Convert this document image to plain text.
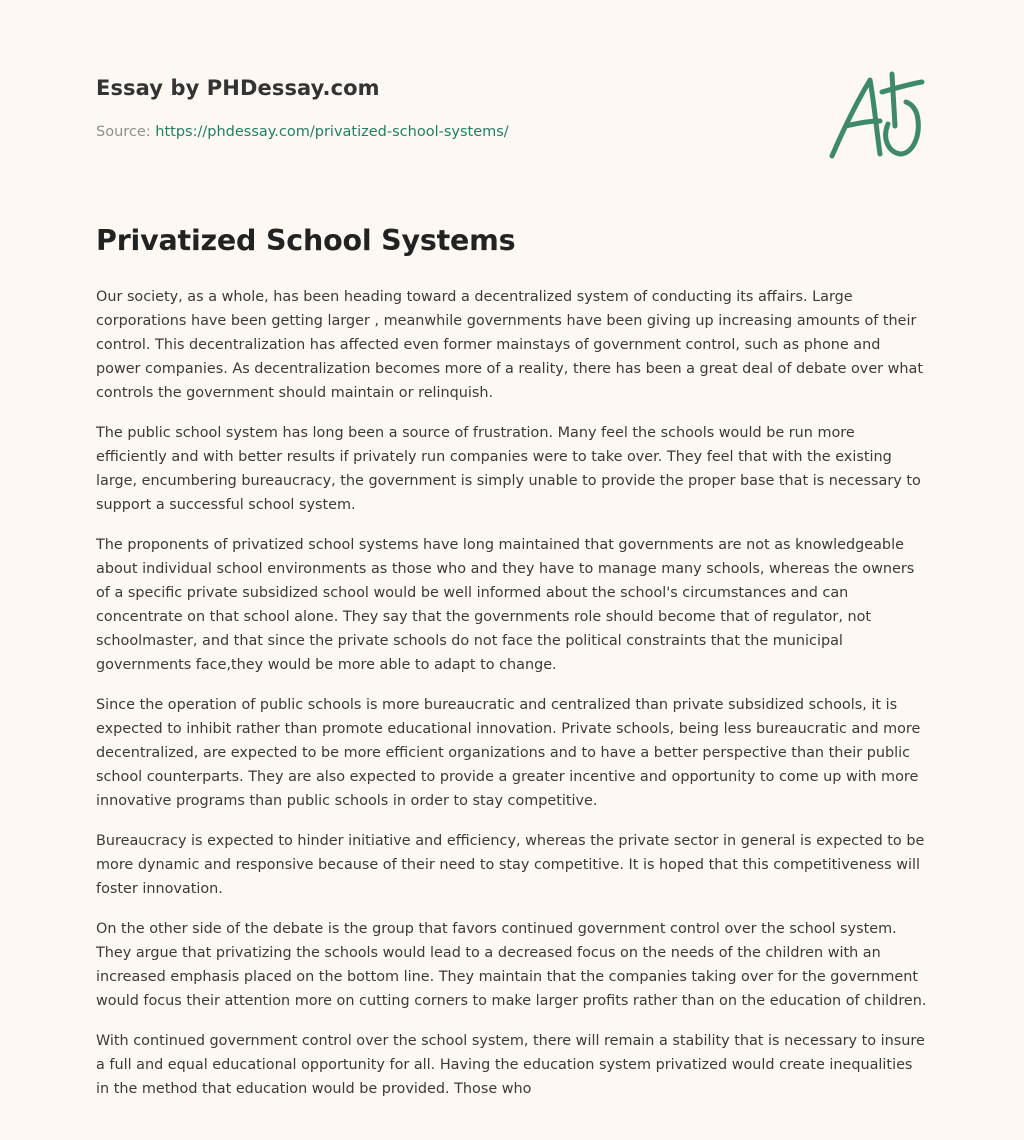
Essay by PHDessay.com
Source: https://phdessay.com/privatized-school-systems/
Privatized School Systems

Our society, as a whole, has been heading toward a decentralized system of conducting its affairs. Large corporations have been getting larger , meanwhile governments have been giving up increasing amounts of their control. This decentralization has affected even former mainstays of government control, such as phone and power companies. As decentralization becomes more of a reality, there has been a great deal of debate over what controls the government should maintain or relinquish.

The public school system has long been a source of frustration. Many feel the schools would be run more efficiently and with better results if privately run companies were to take over. They feel that with the existing large, encumbering bureaucracy, the government is simply unable to provide the proper base that is necessary to support a successful school system.

The proponents of privatized school systems have long maintained that governments are not as knowledgeable about individual school environments as those who and they have to manage many schools, whereas the owners of a specific private subsidized school would be well informed about the school's circumstances and can concentrate on that school alone. They say that the governments role should become that of regulator, not schoolmaster, and that since the private schools do not face the political constraints that the municipal governments face,they would be more able to adapt to change.

Since the operation of public schools is more bureaucratic and centralized than private subsidized schools, it is expected to inhibit rather than promote educational innovation. Private schools, being less bureaucratic and more decentralized, are expected to be more efficient organizations and to have a better perspective than their public school counterparts. They are also expected to provide a greater incentive and opportunity to come up with more innovative programs than public schools in order to stay competitive.

Bureaucracy is expected to hinder initiative and efficiency, whereas the private sector in general is expected to be more dynamic and responsive because of their need to stay competitive. It is hoped that this competitiveness will foster innovation.

On the other side of the debate is the group that favors continued government control over the school system. They argue that privatizing the schools would lead to a decreased focus on the needs of the children with an increased emphasis placed on the bottom line. They maintain that the companies taking over for the government would focus their attention more on cutting corners to make larger profits rather than on the education of children.

With continued government control over the school system, there will remain a stability that is necessary to insure a full and equal educational opportunity for all. Having the education system privatized would create inequalities in the method that education would be provided. Those who
